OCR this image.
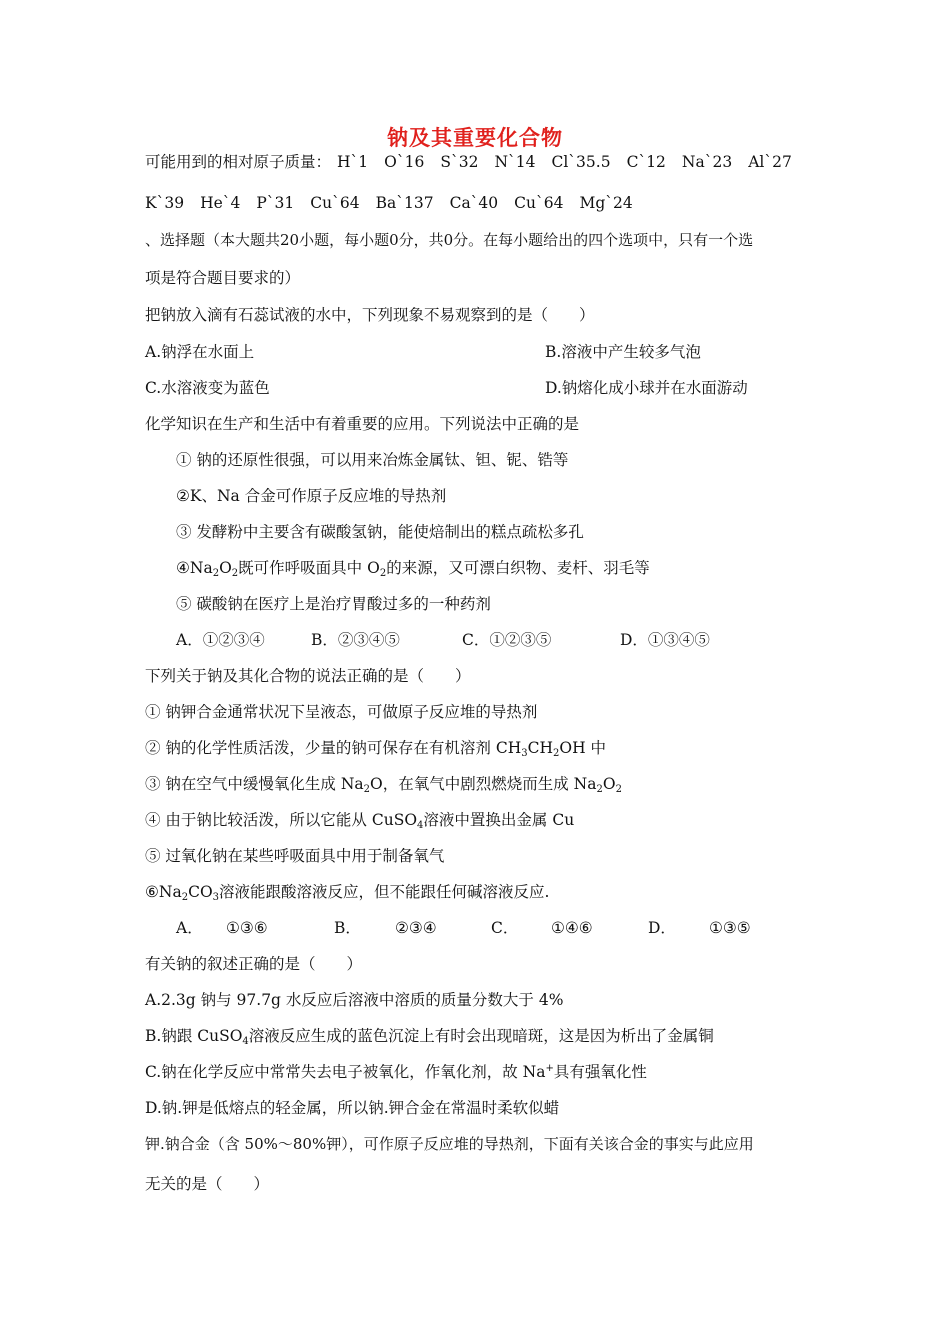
钠及其重要化合物
可能用到的相对原子质量： H`1 O`16 S`32 N`14 Cl`35.5 C`12 Na`23 Al`27
K`39 He`4 P`31 Cu`64 Ba`137 Ca`40 Cu`64 Mg`24
、选择题（本大题共20小题，每小题0分，共0分。在每小题给出的四个选项中，只有一个选
项是符合题目要求的）
把钠放入滴有石蕊试液的水中，下列现象不易观察到的是（　　）
A.钠浮在水面上	B.溶液中产生较多气泡
C.水溶液变为蓝色	D.钠熔化成小球并在水面游动
化学知识在生产和生活中有着重要的应用。下列说法中正确的是
① 钠的还原性很强，可以用来冶炼金属钛、钽、铌、锆等
②K、Na 合金可作原子反应堆的导热剂
③ 发酵粉中主要含有碳酸氢钠，能使焙制出的糕点疏松多孔
$④Na_2O_2$既可作呼吸面具中 $O_2$的来源，又可漂白织物、麦杆、羽毛等
⑤ 碳酸钠在医疗上是治疗胃酸过多的一种药剂
A．①②③④	B．②③④⑤	C．①②③⑤	D．①③④⑤
下列关于钠及其化合物的说法正确的是（　　）
① 钠钾合金通常状况下呈液态，可做原子反应堆的导热剂
② 钠的化学性质活泼，少量的钠可保存在有机溶剂 $CH_3CH_2OH$ 中
③ 钠在空气中缓慢氧化生成 $Na_2O$，在氧气中剧烈燃烧而生成 $Na_2O_2$
④ 由于钠比较活泼，所以它能从 CuSO$_4$溶液中置换出金属 Cu
⑤ 过氧化钠在某些呼吸面具中用于制备氧气
$⑥Na_2CO_3$溶液能跟酸溶液反应，但不能跟任何碱溶液反应.
A． ①③⑥	B． ②③④	C． ①④⑥	D． ①③⑤
有关钠的叙述正确的是（　　）
A.2.3g 钠与 97.7g 水反应后溶液中溶质的质量分数大于 4%
B.钠跟 CuSO$_4$溶液反应生成的蓝色沉淀上有时会出现暗斑，这是因为析出了金属铜
C.钠在化学反应中常常失去电子被氧化，作氧化剂，故 Na+具有强氧化性
D.钠.钾是低熔点的轻金属，所以钠.钾合金在常温时柔软似蜡
钾.钠合金（含 50%～80%钾），可作原子反应堆的导热剂，下面有关该合金的事实与此应用
无关的是（　　）
